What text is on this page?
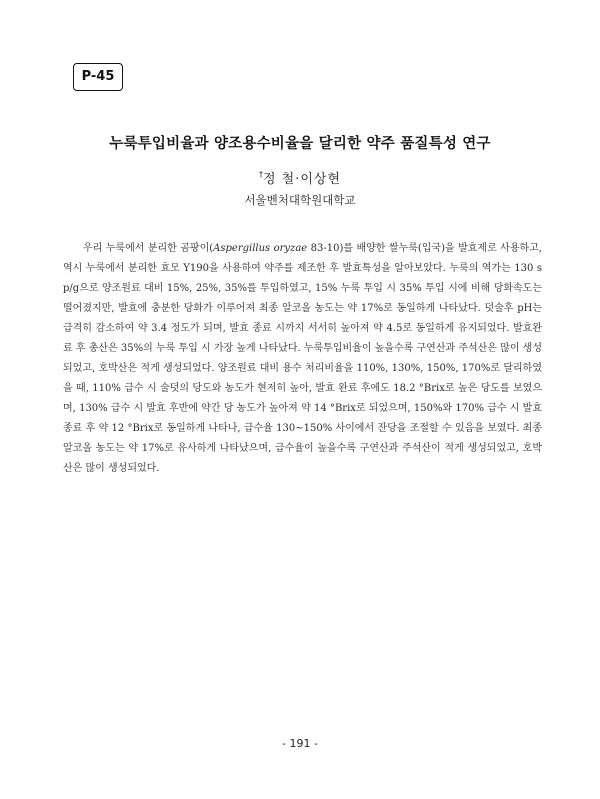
P-45
누룩투입비율과 양조용수비율을 달리한 약주 품질특성 연구
†정 철·이상현
서울벤처대학원대학교

우리 누룩에서 분리한 곰팡이(Aspergillus oryzae 83-10)를 배양한 쌀누룩(입국)을 발효제로 사용하고, 역시 누룩에서 분리한 효모 Y190을 사용하여 약주를 제조한 후 발효특성을 알아보았다. 누룩의 역가는 130 sp/g으로 양조원료 대비 15%, 25%, 35%를 투입하였고, 15% 누룩 투입 시 35% 투입 시에 비해 당화속도는 떨어졌지만, 발효에 충분한 당화가 이루어져 최종 알코올 농도는 약 17%로 동일하게 나타났다. 덧술후 pH는 급격히 감소하여 약 3.4 정도가 되며, 발효 종료 시까지 서서히 높아져 약 4.5로 동일하게 유지되었다. 발효완료 후 총산은 35%의 누룩 투입 시 가장 높게 나타났다. 누룩투입비율이 높을수록 구연산과 주석산은 많이 생성되었고, 호박산은 적게 생성되었다. 양조원료 대비 용수 처리비율을 110%, 130%, 150%, 170%로 달리하였을 때, 110% 급수 시 술덧의 당도와 농도가 현저히 높아, 발효 완료 후에도 18.2 °Brix로 높은 당도를 보였으며, 130% 급수 시 발효 후반에 약간 당 농도가 높아져 약 14 °Brix로 되었으며, 150%와 170% 급수 시 발효 종료 후 약 12 °Brix로 동일하게 나타나, 급수율 130~150% 사이에서 잔당을 조절할 수 있음을 보였다. 최종알코올 농도는 약 17%로 유사하게 나타났으며, 급수율이 높을수록 구연산과 주석산이 적게 생성되었고, 호박산은 많이 생성되었다.

- 191 -
